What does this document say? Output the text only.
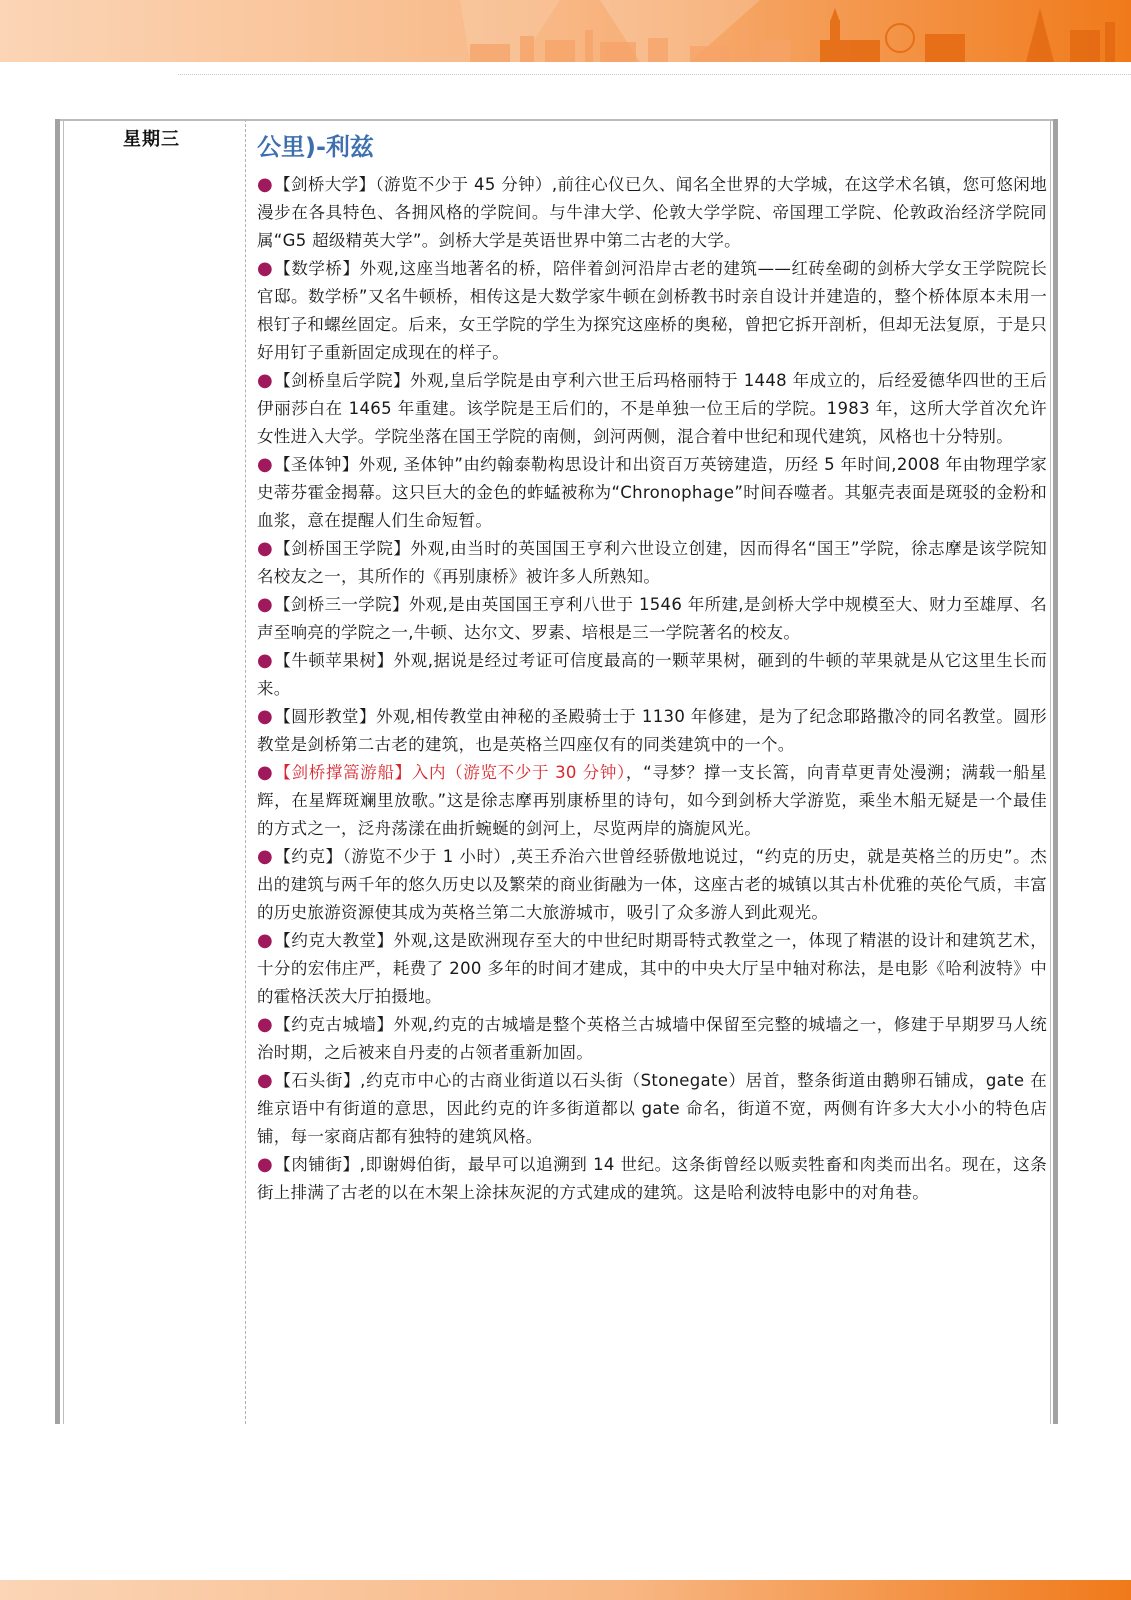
星期三	公里)-利兹

●【剑桥大学】（游览不少于 45 分钟）,前往心仪已久、闻名全世界的大学城，在这学术名镇，您可悠闲地漫步在各具特色、各拥风格的学院间。与牛津大学、伦敦大学学院、帝国理工学院、伦敦政治经济学院同属“G5 超级精英大学”。剑桥大学是英语世界中第二古老的大学。

●【数学桥】外观,这座当地著名的桥，陪伴着剑河沿岸古老的建筑——红砖垒砌的剑桥大学女王学院院长官邸。数学桥”又名牛顿桥，相传这是大数学家牛顿在剑桥教书时亲自设计并建造的，整个桥体原本未用一根钉子和螺丝固定。后来，女王学院的学生为探究这座桥的奥秘，曾把它拆开剖析，但却无法复原，于是只好用钉子重新固定成现在的样子。

●【剑桥皇后学院】外观,皇后学院是由亨利六世王后玛格丽特于 1448 年成立的，后经爱德华四世的王后伊丽莎白在 1465 年重建。该学院是王后们的，不是单独一位王后的学院。1983 年，这所大学首次允许女性进入大学。学院坐落在国王学院的南侧，剑河两侧，混合着中世纪和现代建筑，风格也十分特别。

●【圣体钟】外观, 圣体钟”由约翰泰勒构思设计和出资百万英镑建造，历经 5 年时间,2008 年由物理学家史蒂芬霍金揭幕。这只巨大的金色的蚱蜢被称为“Chronophage”时间吞噬者。其躯壳表面是斑驳的金粉和血浆，意在提醒人们生命短暂。

●【剑桥国王学院】外观,由当时的英国国王亨利六世设立创建，因而得名“国王”学院，徐志摩是该学院知名校友之一，其所作的《再别康桥》被许多人所熟知。

●【剑桥三一学院】外观,是由英国国王亨利八世于 1546 年所建,是剑桥大学中规模至大、财力至雄厚、名声至响亮的学院之一,牛顿、达尔文、罗素、培根是三一学院著名的校友。

●【牛顿苹果树】外观,据说是经过考证可信度最高的一颗苹果树，砸到的牛顿的苹果就是从它这里生长而来。

●【圆形教堂】外观,相传教堂由神秘的圣殿骑士于 1130 年修建，是为了纪念耶路撒冷的同名教堂。圆形教堂是剑桥第二古老的建筑，也是英格兰四座仅有的同类建筑中的一个。

●【剑桥撑篙游船】入内（游览不少于 30 分钟），“寻梦？撑一支长篙，向青草更青处漫溯；满载一船星辉，在星辉斑斓里放歌。”这是徐志摩再别康桥里的诗句，如今到剑桥大学游览，乘坐木船无疑是一个最佳的方式之一，泛舟荡漾在曲折蜿蜒的剑河上，尽览两岸的旖旎风光。

●【约克】（游览不少于 1 小时）,英王乔治六世曾经骄傲地说过，“约克的历史，就是英格兰的历史”。杰出的建筑与两千年的悠久历史以及繁荣的商业街融为一体，这座古老的城镇以其古朴优雅的英伦气质，丰富的历史旅游资源使其成为英格兰第二大旅游城市，吸引了众多游人到此观光。

●【约克大教堂】外观,这是欧洲现存至大的中世纪时期哥特式教堂之一，体现了精湛的设计和建筑艺术，十分的宏伟庄严，耗费了 200 多年的时间才建成，其中的中央大厅呈中轴对称法，是电影《哈利波特》中的霍格沃茨大厅拍摄地。

●【约克古城墙】外观,约克的古城墙是整个英格兰古城墙中保留至完整的城墙之一，修建于早期罗马人统治时期，之后被来自丹麦的占领者重新加固。

●【石头街】,约克市中心的古商业街道以石头街（Stonegate）居首，整条街道由鹅卵石铺成，gate 在维京语中有街道的意思，因此约克的许多街道都以 gate 命名，街道不宽，两侧有许多大大小小的特色店铺，每一家商店都有独特的建筑风格。

●【肉铺街】,即谢姆伯街，最早可以追溯到 14 世纪。这条街曾经以贩卖牲畜和肉类而出名。现在，这条街上排满了古老的以在木架上涂抹灰泥的方式建成的建筑。这是哈利波特电影中的对角巷。
